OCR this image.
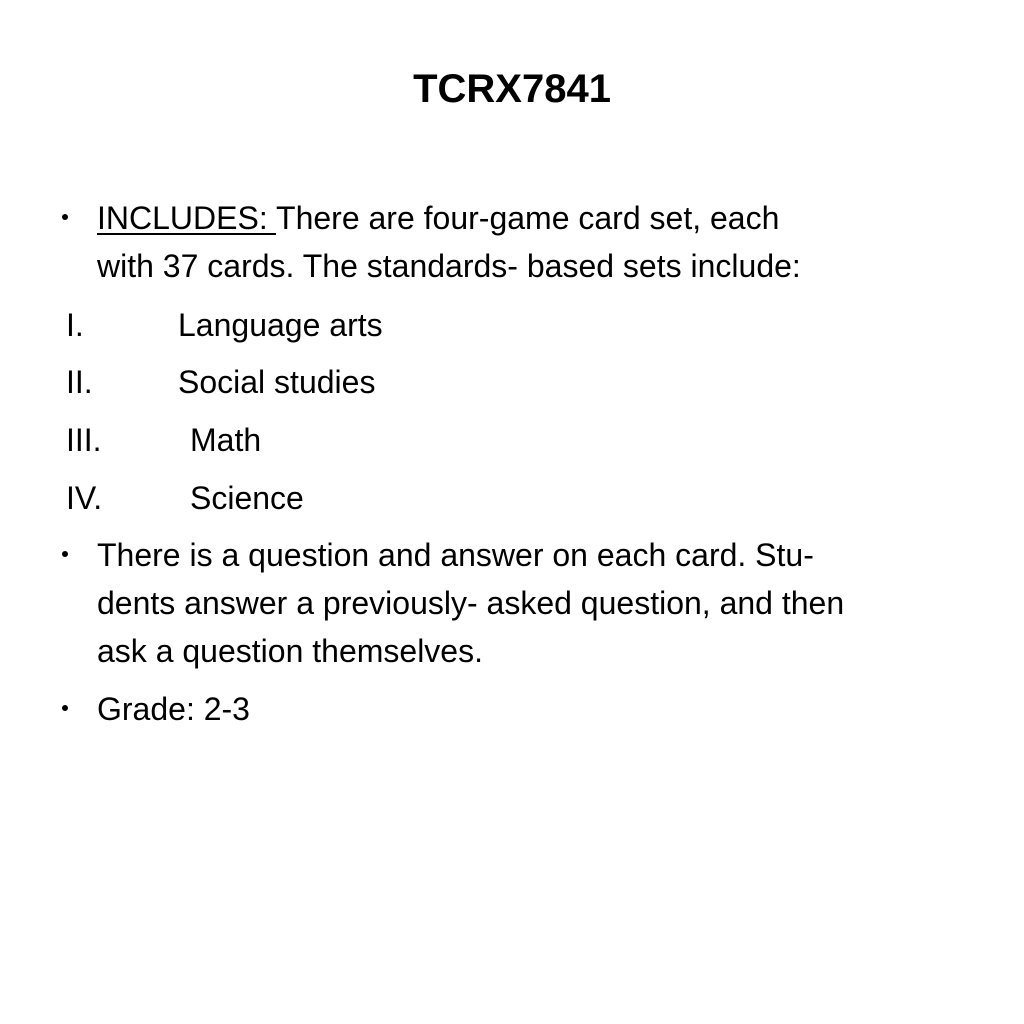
TCRX7841
INCLUDES: There are four-game card set, each
with 37 cards. The standards- based sets include:
I.	Language arts
II.	Social studies
III.	Math
IV.	Science
There is a question and answer on each card. Stu-
dents answer a previously- asked question, and then
ask a question themselves.
Grade: 2-3
